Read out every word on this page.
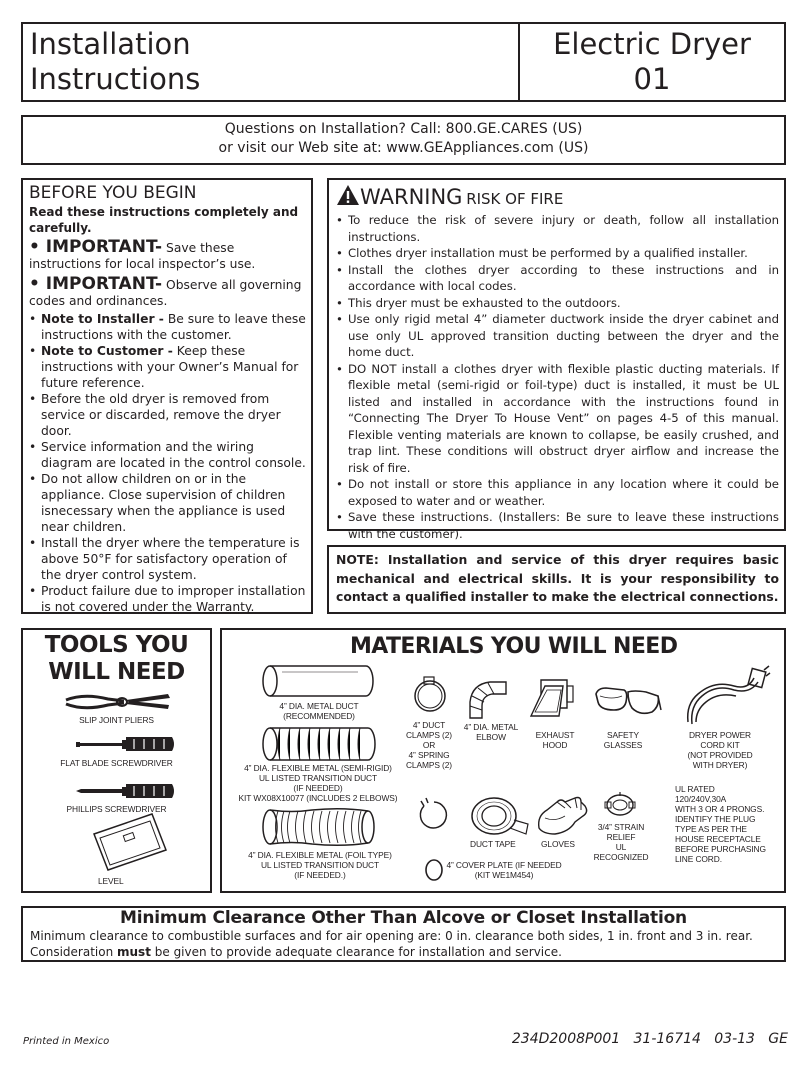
Installation
Instructions
Electric Dryer
01
Questions on Installation? Call: 800.GE.CARES (US)
or visit our Web site at: www.GEAppliances.com (US)
BEFORE YOU BEGIN
Read these instructions completely and carefully.
• IMPORTANT- Save these instructions for local inspector’s use.
• IMPORTANT- Observe all governing codes and ordinances.
• Note to Installer - Be sure to leave these instructions with the customer.
• Note to Customer - Keep these instructions with your Owner’s Manual for future reference.
• Before the old dryer is removed from service or discarded, remove the dryer door.
• Service information and the wiring diagram are located in the control console.
• Do not allow children on or in the appliance. Close supervision of children isnecessary when the appliance is used near children.
• Install the dryer where the temperature is above 50°F for satisfactory operation of the dryer control system.
• Product failure due to improper installation is not covered under the Warranty.
WARNING RISK OF FIRE
• To reduce the risk of severe injury or death, follow all installation instructions.
• Clothes dryer installation must be performed by a qualified installer.
• Install the clothes dryer according to these instructions and in accordance with local codes.
• This dryer must be exhausted to the outdoors.
• Use only rigid metal 4” diameter ductwork inside the dryer cabinet and use only UL approved transition ducting between the dryer and the home duct.
• DO NOT install a clothes dryer with flexible plastic ducting materials. If flexible metal (semi-rigid or foil-type) duct is installed, it must be UL listed and installed in accordance with the instructions found in “Connecting The Dryer To House Vent” on pages 4-5 of this manual. Flexible venting materials are known to collapse, be easily crushed, and trap lint. These conditions will obstruct dryer airflow and increase the risk of fire.
• Do not install or store this appliance in any location where it could be exposed to water and or weather.
• Save these instructions. (Installers: Be sure to leave these instructions with the customer).
NOTE: Installation and service of this dryer requires basic mechanical and electrical skills. It is your responsibility to contact a qualified installer to make the electrical connections.
TOOLS YOU
WILL NEED
SLIP JOINT PLIERS
FLAT BLADE SCREWDRIVER
PHILLIPS SCREWDRIVER
LEVEL
MATERIALS YOU WILL NEED
4” DIA. METAL DUCT
(RECOMMENDED)
4” DIA. FLEXIBLE METAL (SEMI-RIGID)
UL LISTED TRANSITION DUCT
(IF NEEDED)
KIT WX08X10077 (INCLUDES 2 ELBOWS)
4” DIA. FLEXIBLE METAL (FOIL TYPE)
UL LISTED TRANSITION DUCT
(IF NEEDED.)
4” DUCT
CLAMPS (2)
OR
4” SPRING
CLAMPS (2)
4” DIA. METAL
ELBOW	EXHAUST
HOOD
SAFETY
GLASSES
DRYER POWER
CORD KIT
(NOT PROVIDED
WITH DRYER)
UL RATED
120/240V,30A
WITH 3 OR 4 PRONGS.
IDENTIFY THE PLUG
TYPE AS PER THE
HOUSE RECEPTACLE
BEFORE PURCHASING
LINE CORD.
DUCT TAPE	GLOVES
3/4” STRAIN
RELIEF
UL RECOGNIZED
4” COVER PLATE (IF NEEDED
(KIT WE1M454)
Minimum Clearance Other Than Alcove or Closet Installation
Minimum clearance to combustible surfaces and for air opening are: 0 in. clearance both sides, 1 in. front and 3 in. rear.
Consideration must be given to provide adequate clearance for installation and service.
Printed in Mexico	234D2008P001   31-16714   03-13   GE
